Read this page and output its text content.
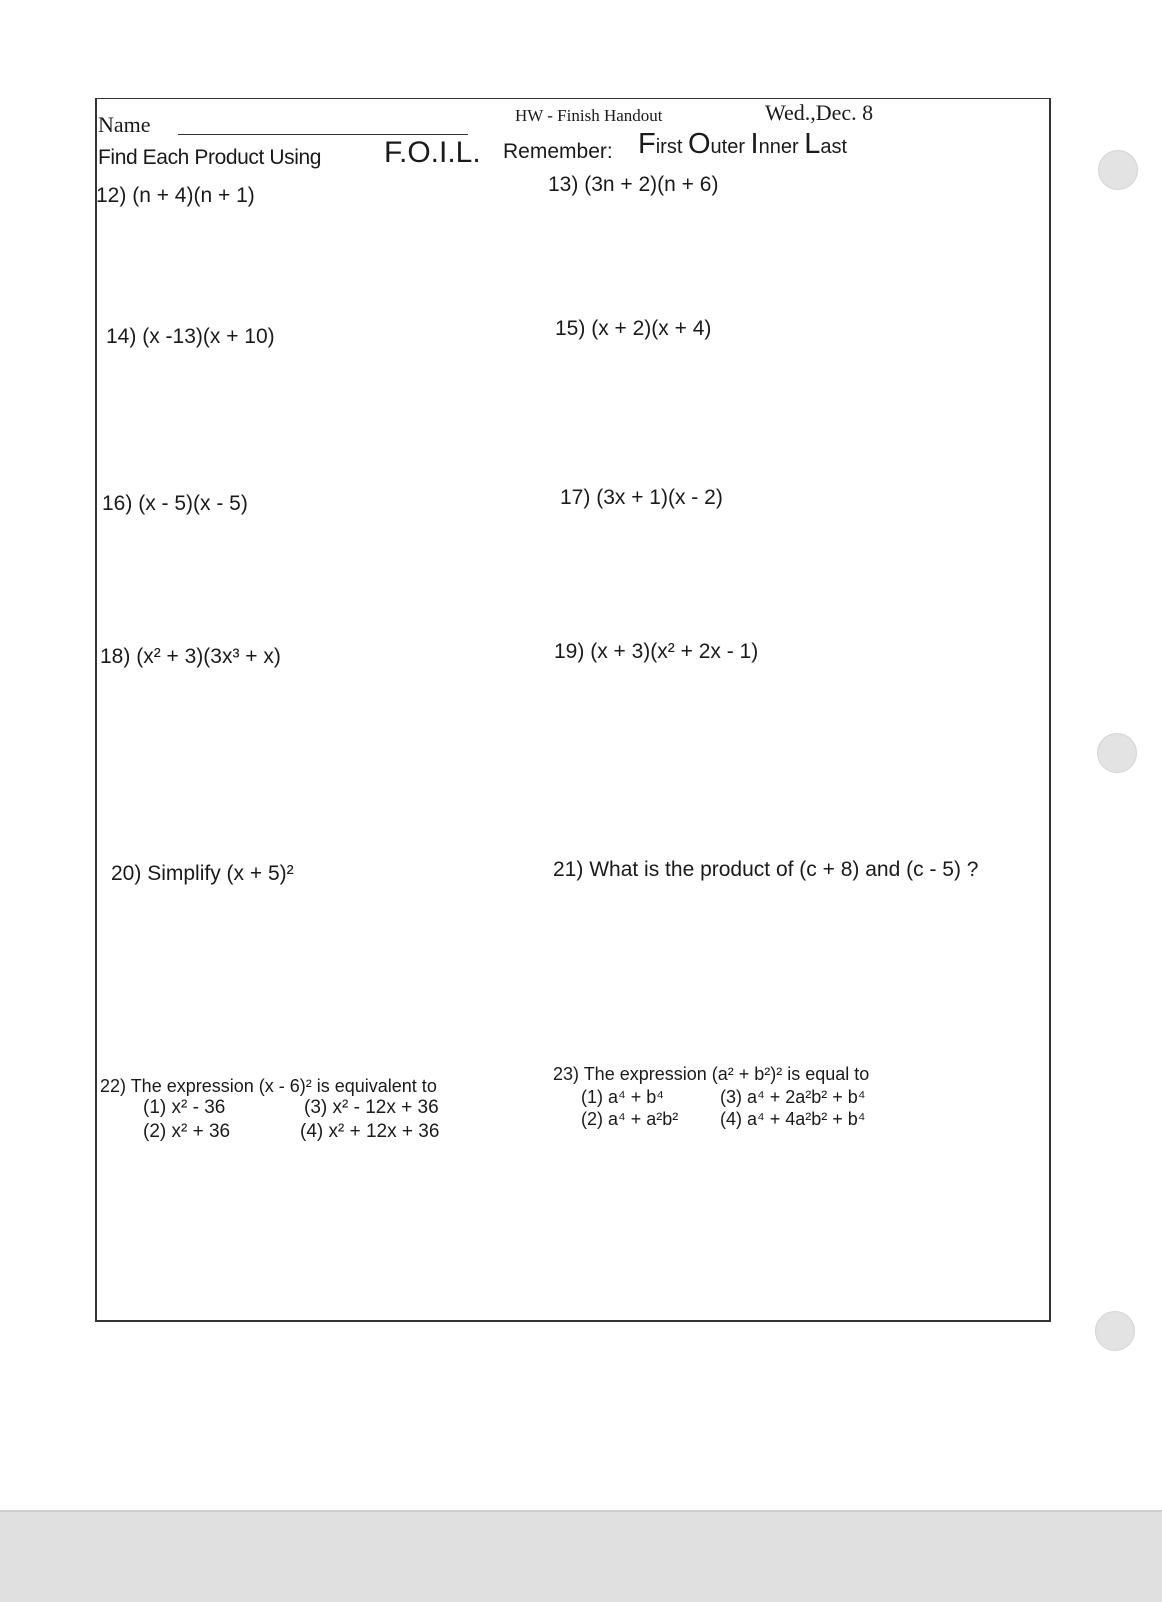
Name	HW - Finish Handout	Wed.,Dec. 8
Find Each Product Using F.O.I.L. Remember: First Outer Inner Last
12) (n + 4)(n + 1)	13) (3n + 2)(n + 6)
14) (x -13)(x + 10)	15) (x + 2)(x + 4)
16) (x - 5)(x - 5)	17) (3x + 1)(x - 2)
18) (x² + 3)(3x³ + x)	19) (x + 3)(x² + 2x - 1)
20) Simplify (x + 5)²	21) What is the product of (c + 8) and (c - 5) ?
22) The expression (x - 6)² is equivalent to
(1) x² - 36
(2) x² + 36
(3) x² - 12x + 36
(4) x² + 12x + 36
23) The expression (a² + b²)² is equal to
(1) a⁴ + b⁴
(2) a⁴ + a²b²
(3) a⁴ + 2a²b² + b⁴
(4) a⁴ + 4a²b² + b⁴
